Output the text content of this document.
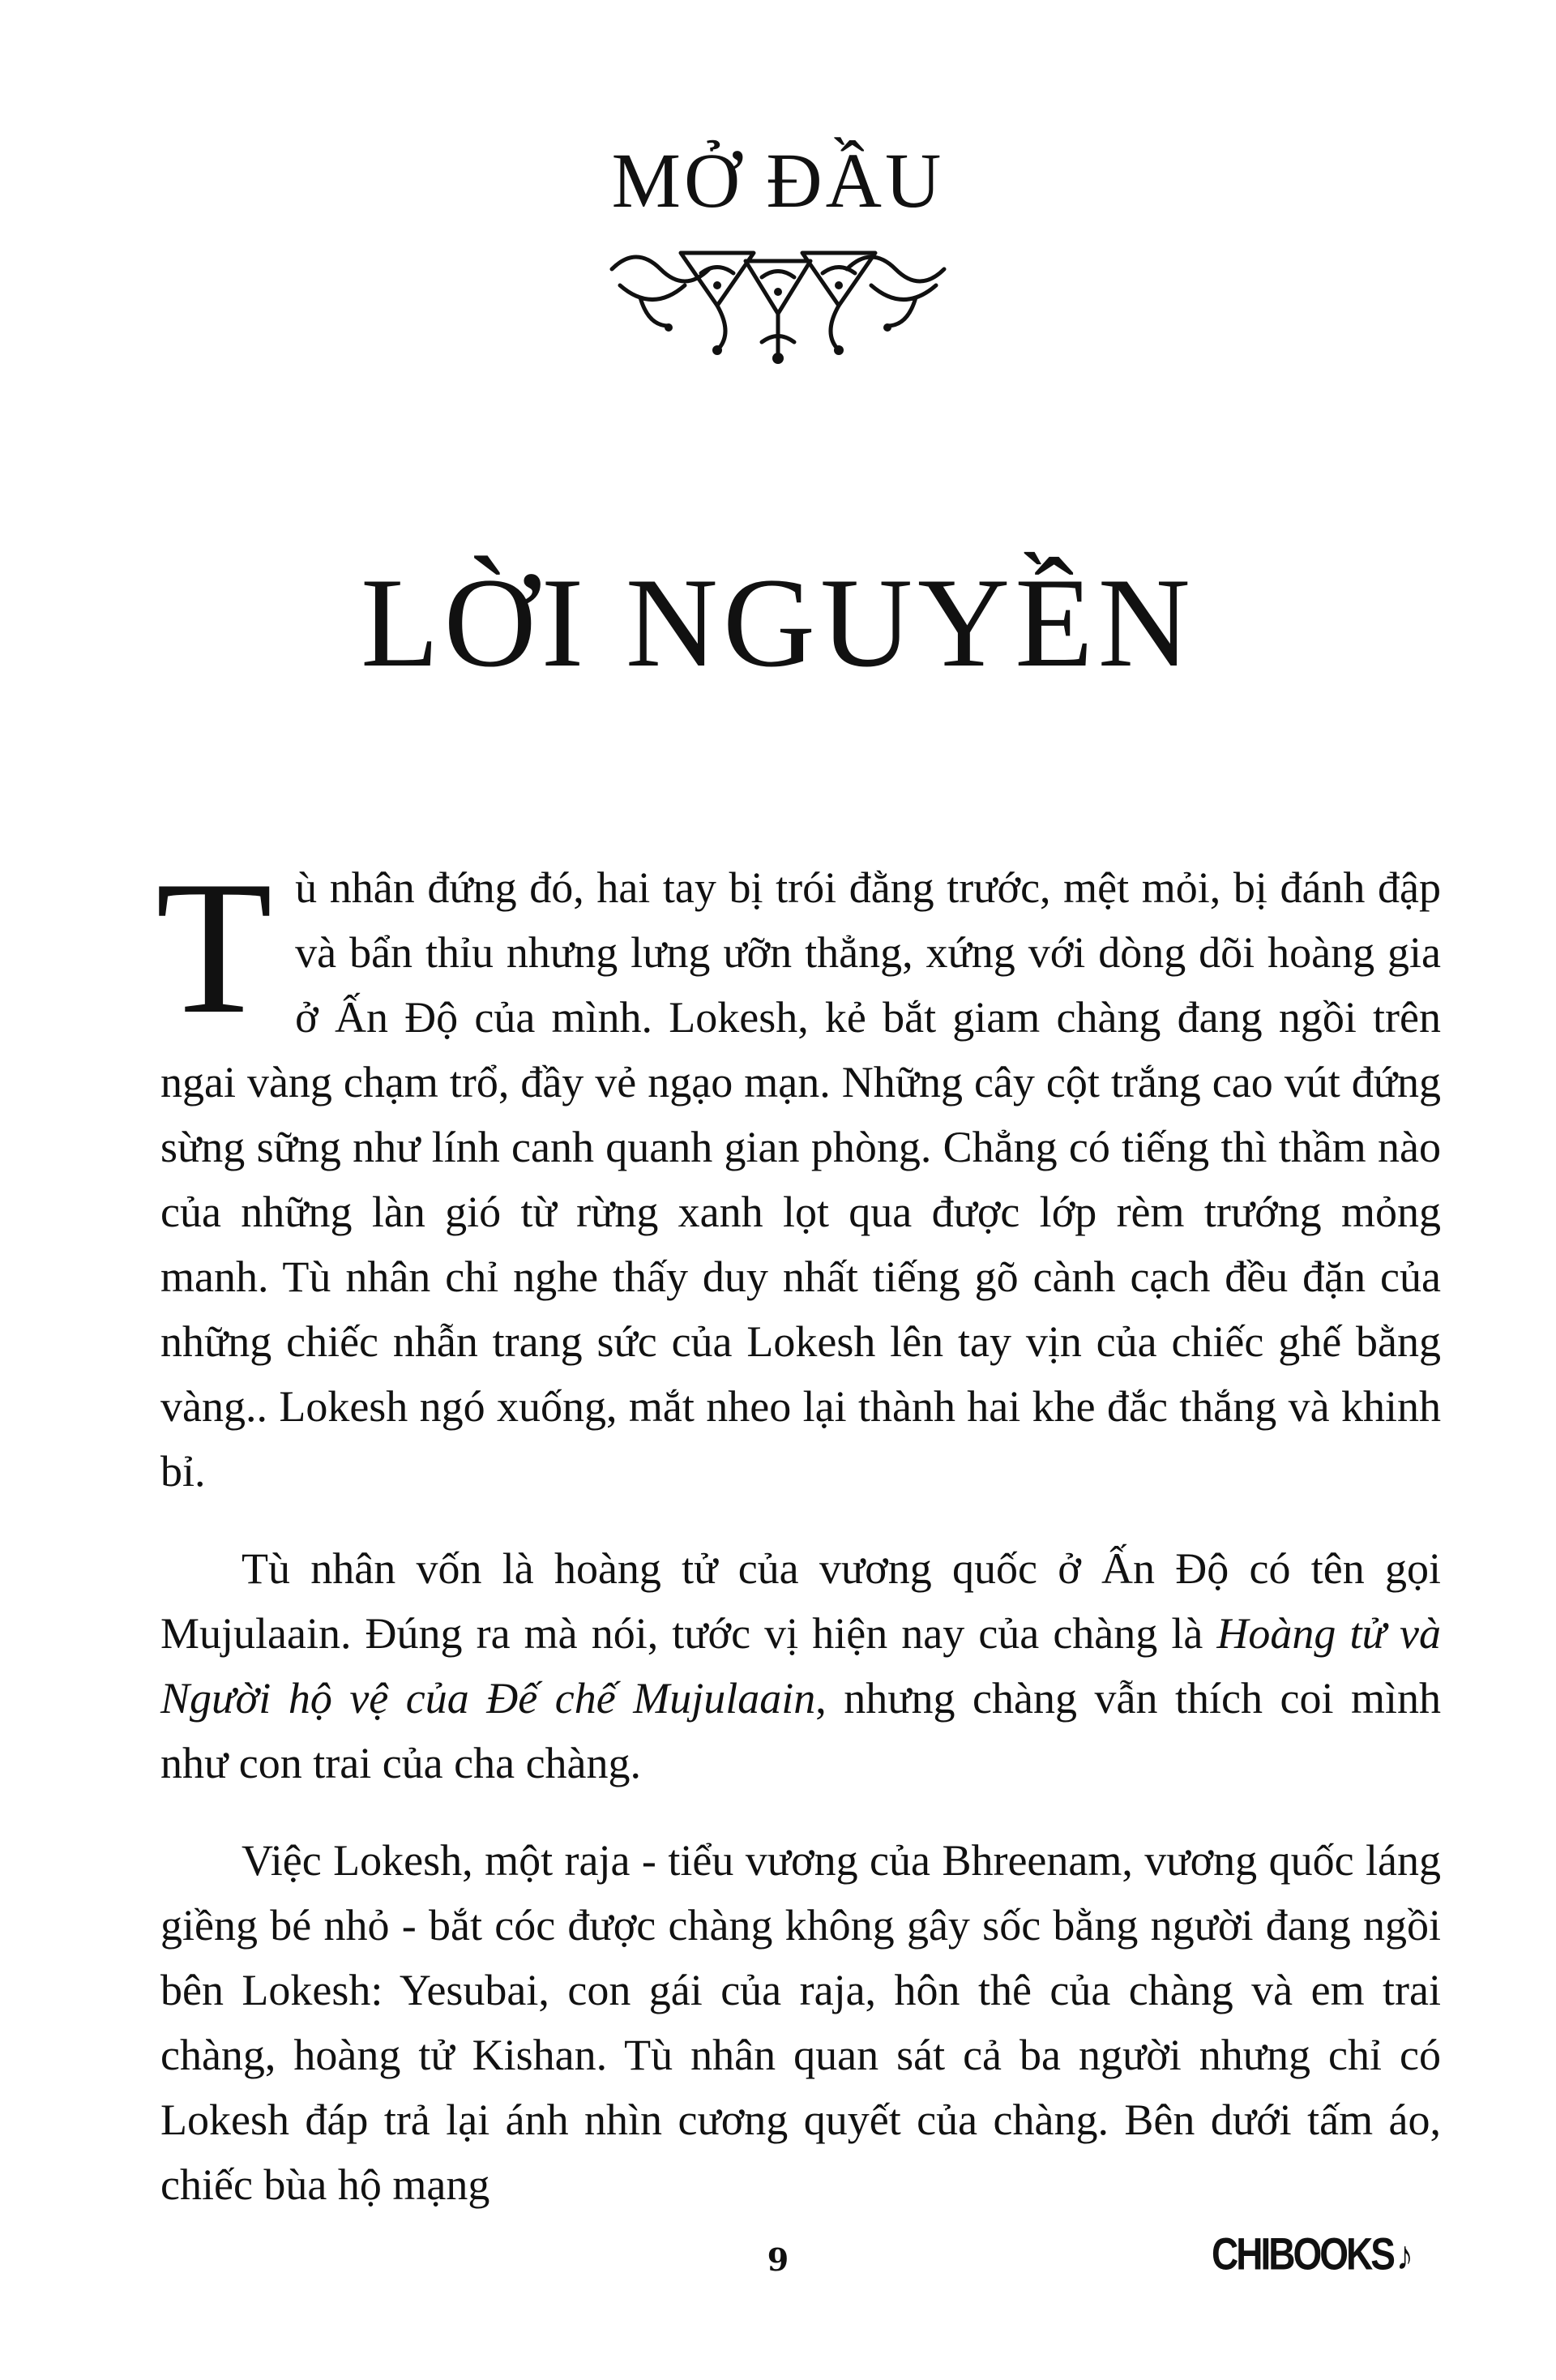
MỞ ĐẦU
LỜI NGUYỀN

Tù nhân đứng đó, hai tay bị trói đằng trước, mệt mỏi, bị đánh đập và bẩn thỉu nhưng lưng ưỡn thẳng, xứng với dòng dõi hoàng gia ở Ấn Độ của mình. Lokesh, kẻ bắt giam chàng đang ngồi trên ngai vàng chạm trổ, đầy vẻ ngạo mạn. Những cây cột trắng cao vút đứng sừng sững như lính canh quanh gian phòng. Chẳng có tiếng thì thầm nào của những làn gió từ rừng xanh lọt qua được lớp rèm trướng mỏng manh. Tù nhân chỉ nghe thấy duy nhất tiếng gõ cành cạch đều đặn của những chiếc nhẫn trang sức của Lokesh lên tay vịn của chiếc ghế bằng vàng.. Lokesh ngó xuống, mắt nheo lại thành hai khe đắc thắng và khinh bỉ.

Tù nhân vốn là hoàng tử của vương quốc ở Ấn Độ có tên gọi Mujulaain. Đúng ra mà nói, tước vị hiện nay của chàng là Hoàng tử và Người hộ vệ của Đế chế Mujulaain, nhưng chàng vẫn thích coi mình như con trai của cha chàng.

Việc Lokesh, một raja - tiểu vương của Bhreenam, vương quốc láng giềng bé nhỏ - bắt cóc được chàng không gây sốc bằng người đang ngồi bên Lokesh: Yesubai, con gái của raja, hôn thê của chàng và em trai chàng, hoàng tử Kishan. Tù nhân quan sát cả ba người nhưng chỉ có Lokesh đáp trả lại ánh nhìn cương quyết của chàng. Bên dưới tấm áo, chiếc bùa hộ mạng

9	CHIBOOKS♪
